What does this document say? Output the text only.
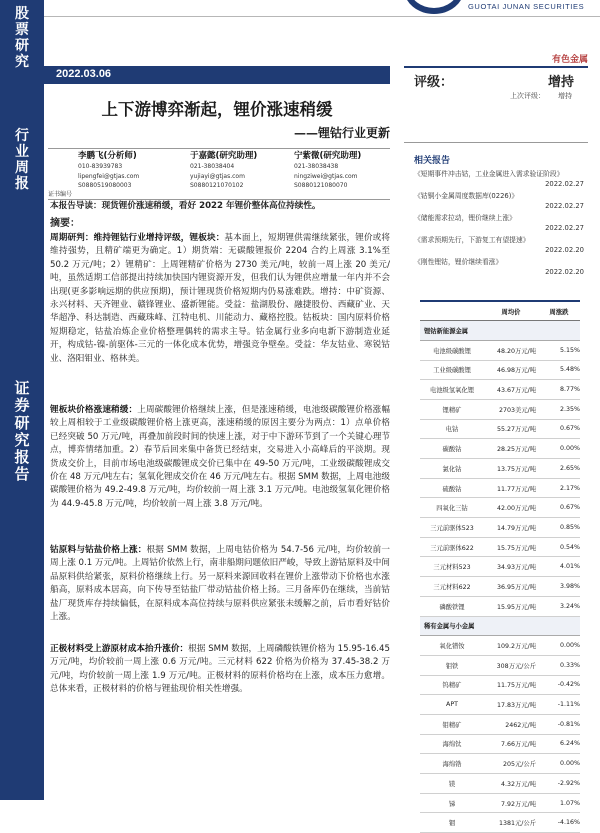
股
票
研
究
行
业
周
报
证
券
研
究
报
告
GUOTAI JUNAN SECURITIES
有色金属
2022.03.06
上下游博弈渐起，锂价涨速稍缓
——锂钴行业更新
证书编号
李鹏飞(分析师)
010-83939783
lipengfei@gtjas.com
S0880519080003
于嘉懿(研究助理)
021-38038404
yujiayi@gtjas.com
S0880121070102
宁紫微(研究助理)
021-38038438
ningziwei@gtjas.com
S0880121080070
本报告导读：现货锂价涨速稍缓，看好 2022 年锂价整体高位持续性。
摘要：
周期研判：维持锂钴行业增持评级，锂板块：基本面上，短期锂供需继续紧张，锂价或将维持强势，且精矿端更为确定。1）期货端：无碳酸锂报价 2204 合约上周涨 3.1%至 50.2 万元/吨；2）锂精矿：上周锂精矿价格为 2730 美元/吨，较前一周上涨 20 美元/吨，虽然适期工信部提出持续加快国内锂资源开发，但我们认为锂供应增量一年内并不会出现(更多影响远期的供应预期)，预计锂现货价格短期内仍易涨难跌。增持：中矿资源、永兴材料、天齐锂业、赣锋锂业、盛新锂能。受益：盐湖股份、融捷股份、西藏矿业、天华超净、科达制造、西藏珠峰、江特电机、川能动力、藏格控股。钴板块：国内原料价格短期稳定，钴盐冶炼企业价格整理偶转的需求主导。钴金属行业多向电新下游制造业延开，构成钴-镍-前驱体-三元的一体化成本优势，增强竞争壁垒。受益：华友钴业、寒锐钴业、洛阳钼业、格林美。
锂板块价格涨速稍缓：上周碳酸锂价格继续上涨，但是涨速稍缓，电池级碳酸锂价格涨幅较上周相较于工业级碳酸锂价格上涨更高，涨速稍缓的原因主要分为两点：1）点单价格已经突破 50 万元/吨，再叠加前段时间的快速上涨，对于中下游环节到了一个关键心理节点，博弈情绪加重。2）春节后回来集中备货已经结束，交易进入小高峰后的平淡期。现货成交价上，目前市场电池级碳酸锂成交价已集中在 49-50 万元/吨，工业级碳酸锂成交价在 48 万元/吨左右；氢氧化锂成交价在 46 万元/吨左右。根据 SMM 数据，上周电池级碳酸锂价格为 49.2-49.8 万元/吨，均价较前一周上涨 3.1 万元/吨。电池级氢氧化锂价格为 44.9-45.8 万元/吨，均价较前一周上涨 3.8 万元/吨。
钴原料与钴盐价格上涨：根据 SMM 数据，上周电钴价格为 54.7-56 元/吨，均价较前一周上涨 0.1 万元/吨。上周钴价依然上行，南非船期问题依旧严峻，导致上游钴原料及中间品原料供给紧张，原料价格继续上行。另一原料来源回收料在锂价上涨带动下价格也水涨船高，原料成本居高，向下传导至钴盐厂带动钴盐价格上扬。三月备库仍在继续，当前钴盐厂现货库存持续偏低，在原料成本高位持续与原料供应紧张未缓解之前，后市看好钴价上涨。
正极材料受上游原材成本抬升涨价：根据 SMM 数据，上周磷酸铁锂价格为 15.95-16.45 万元/吨，均价较前一周上涨 0.6 万元/吨。三元材料 622 价格为价格为 37.45-38.2 万元/吨，均价较前一周上涨 1.9 万元/吨。正极材料的原料价格均在上涨，成本压力愈增。总体来看，正极材料的价格与锂盐现价相关性增强。
评级：	增持
上次评级： 增持
相关报告
《短期事件冲击钴，工业金属进入需求验证阶段》
2022.02.27
《钴铜小金属周度数据库(0226)》
2022.02.27
《储能需求拉动，锂价继续上涨》
2022.02.27
《需求预期先行，下游复工有望提速》
2022.02.20
《刚性锂钴，锂价继续看涨》
2022.02.20
	周均价	周涨跌
锂钴新能源金属		
电池级碳酸锂	48.20万元/吨	5.15%
工业级碳酸锂	46.98万元/吨	5.48%
电池级氢氧化锂	43.67万元/吨	8.77%
锂精矿	2703美元/吨	2.35%
电钴	55.27万元/吨	0.67%
碳酸钴	28.25万元/吨	0.00%
氯化钴	13.75万元/吨	2.65%
硫酸钴	11.77万元/吨	2.17%
四氧化三钴	42.00万元/吨	0.67%
三元前驱体523	14.79万元/吨	0.85%
三元前驱体622	15.75万元/吨	0.54%
三元材料523	34.93万元/吨	4.01%
三元材料622	36.95万元/吨	3.98%
磷酸铁锂	15.95万元/吨	3.24%
稀有金属与小金属		
氧化镨钕	109.2万元/吨	0.00%
钼铁	308万元/公斤	0.33%
钨精矿	11.75万元/吨	-0.42%
APT	17.83万元/吨	-1.11%
钼精矿	2462元/吨	-0.81%
海绵钛	7.66万元/吨	6.24%
海绵锆	205元/公斤	0.00%
镁	4.32万元/吨	-2.92%
锑	7.92万元/吨	1.07%
铟	1381元/公斤	-4.16%
